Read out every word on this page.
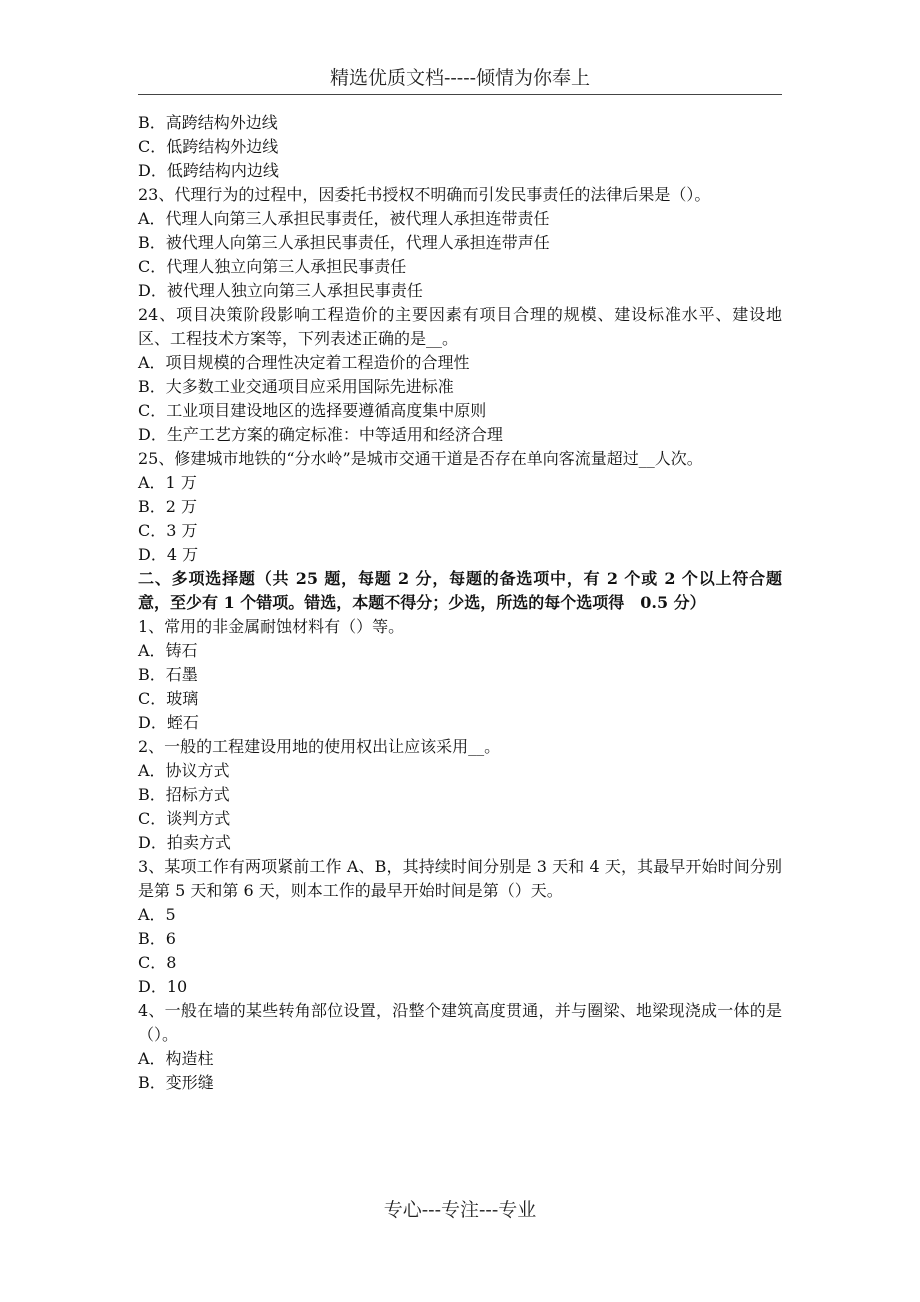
精选优质文档-----倾情为你奉上
B．高跨结构外边线
C．低跨结构外边线
D．低跨结构内边线
23、代理行为的过程中，因委托书授权不明确而引发民事责任的法律后果是（）。
A．代理人向第三人承担民事责任，被代理人承担连带责任
B．被代理人向第三人承担民事责任，代理人承担连带声任
C．代理人独立向第三人承担民事责任
D．被代理人独立向第三人承担民事责任
24、项目决策阶段影响工程造价的主要因素有项目合理的规模、建设标准水平、建设地区、工程技术方案等，下列表述正确的是__。
A．项目规模的合理性决定着工程造价的合理性
B．大多数工业交通项目应采用国际先进标准
C．工业项目建设地区的选择要遵循高度集中原则
D．生产工艺方案的确定标准：中等适用和经济合理
25、修建城市地铁的“分水岭”是城市交通干道是否存在单向客流量超过__人次。
A．1 万
B．2 万
C．3 万
D．4 万
二、多项选择题（共 25 题，每题 2 分，每题的备选项中，有 2 个或 2 个以上符合题意，至少有 1 个错项。错选，本题不得分；少选，所选的每个选项得　0.5 分）
1、常用的非金属耐蚀材料有（）等。
A．铸石
B．石墨
C．玻璃
D．蛭石
2、一般的工程建设用地的使用权出让应该采用__。
A．协议方式
B．招标方式
C．谈判方式
D．拍卖方式
3、某项工作有两项紧前工作 A、B，其持续时间分别是 3 天和 4 天，其最早开始时间分别是第 5 天和第 6 天，则本工作的最早开始时间是第（）天。
A．5
B．6
C．8
D．10
4、一般在墙的某些转角部位设置，沿整个建筑高度贯通，并与圈梁、地梁现浇成一体的是（）。
A．构造柱
B．变形缝
专心---专注---专业
